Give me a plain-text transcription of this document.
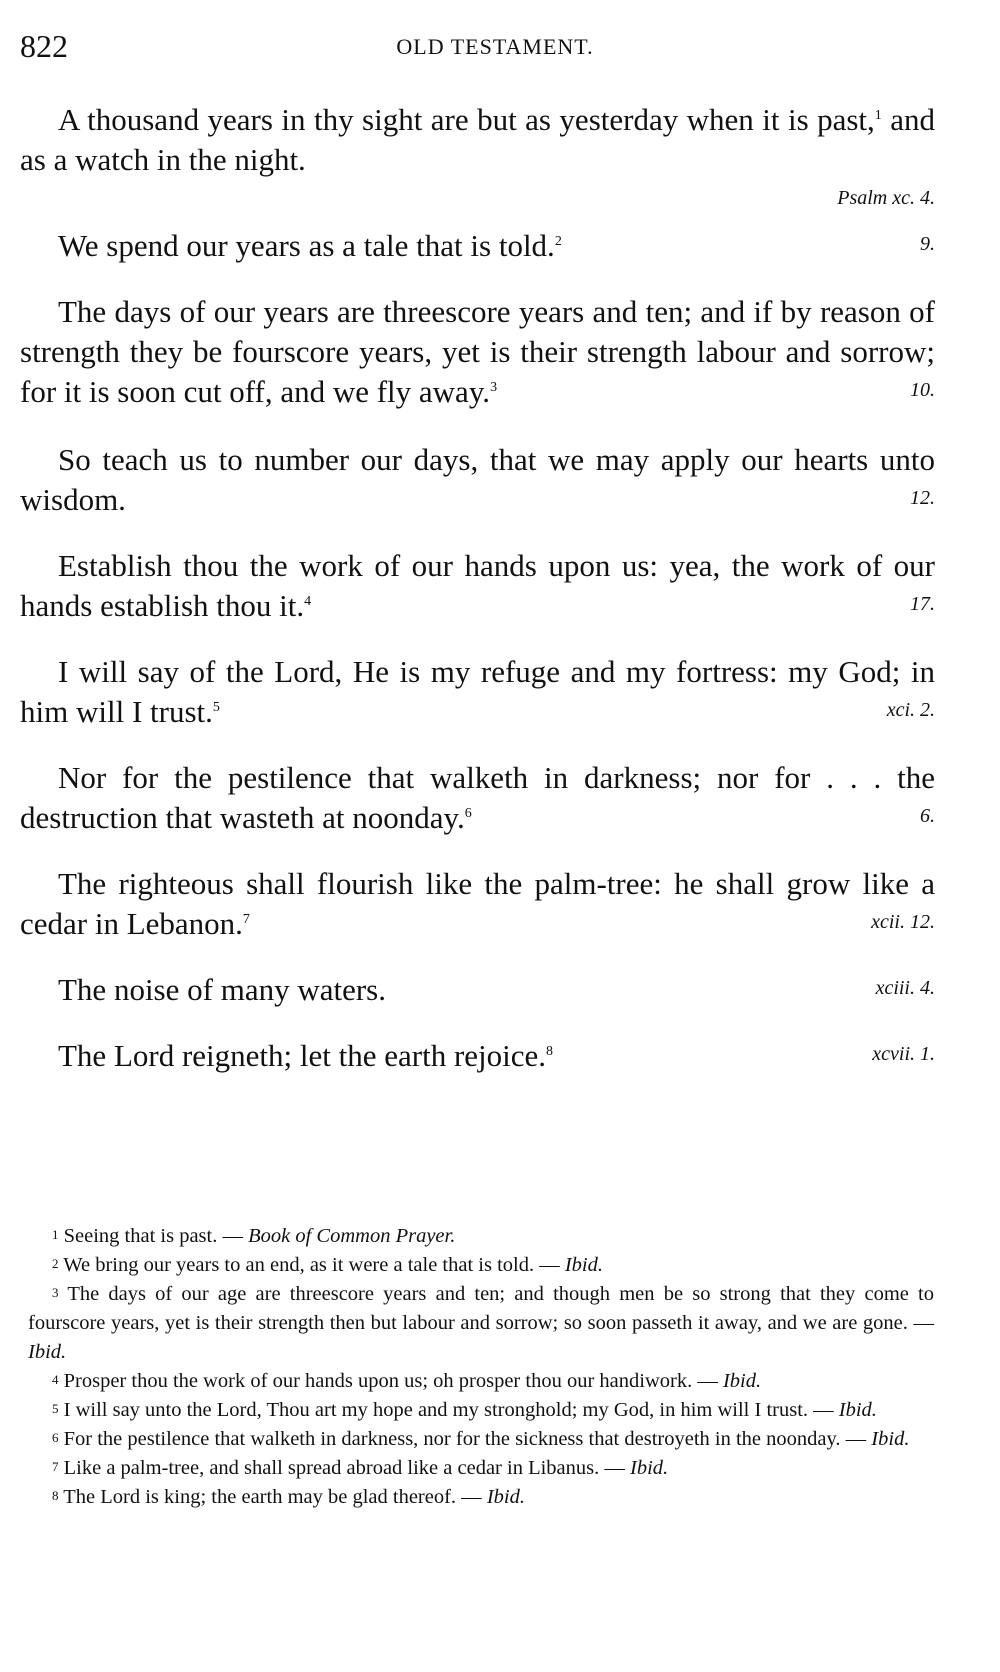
822	OLD TESTAMENT.
A thousand years in thy sight are but as yesterday when it is past,$^1$ and as a watch in the night.
Psalm xc. 4.
We spend our years as a tale that is told.$^2$	9.
The days of our years are threescore years and ten; and if by reason of strength they be fourscore years, yet is their strength labour and sorrow; for it is soon cut off, and we fly away.$^3$	10.
So teach us to number our days, that we may apply our hearts unto wisdom.	12.
Establish thou the work of our hands upon us: yea, the work of our hands establish thou it.$^4$	17.
I will say of the Lord, He is my refuge and my fortress: my God; in him will I trust.$^5$	xci. 2.
Nor for the pestilence that walketh in darkness; nor for . . . the destruction that wasteth at noonday.$^6$	6.
The righteous shall flourish like the palm-tree: he shall grow like a cedar in Lebanon.$^7$	xcii. 12.
The noise of many waters.	xciii. 4.
The Lord reigneth; let the earth rejoice.$^8$	xcvii. 1.
$^1$ Seeing that is past. — Book of Common Prayer.
$^2$ We bring our years to an end, as it were a tale that is told. — Ibid.
$^3$ The days of our age are threescore years and ten; and though men be so strong that they come to fourscore years, yet is their strength then but labour and sorrow; so soon passeth it away, and we are gone. — Ibid.
$^4$ Prosper thou the work of our hands upon us; oh prosper thou our handiwork. — Ibid.
$^5$ I will say unto the Lord, Thou art my hope and my stronghold; my God, in him will I trust. — Ibid.
$^6$ For the pestilence that walketh in darkness, nor for the sickness that destroyeth in the noonday. — Ibid.
$^7$ Like a palm-tree, and shall spread abroad like a cedar in Libanus. — Ibid.
$^8$ The Lord is king; the earth may be glad thereof. — Ibid.
